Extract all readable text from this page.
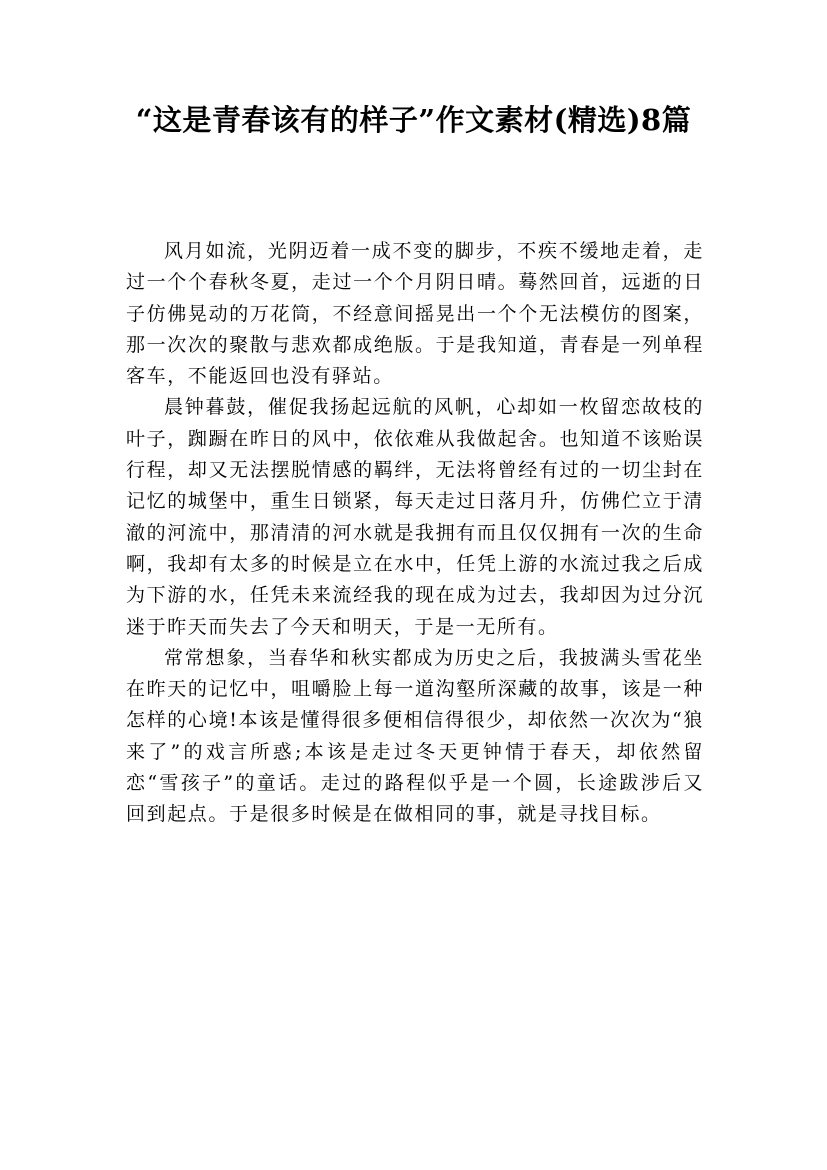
“这是青春该有的样子”作文素材(精选)8篇

风月如流，光阴迈着一成不变的脚步，不疾不缓地走着，走过一个个春秋冬夏，走过一个个月阴日晴。蓦然回首，远逝的日子仿佛晃动的万花筒，不经意间摇晃出一个个无法模仿的图案，那一次次的聚散与悲欢都成绝版。于是我知道，青春是一列单程客车，不能返回也没有驿站。

晨钟暮鼓，催促我扬起远航的风帆，心却如一枚留恋故枝的叶子，踟蹰在昨日的风中，依依难从我做起舍。也知道不该贻误行程，却又无法摆脱情感的羁绊，无法将曾经有过的一切尘封在记忆的城堡中，重生日锁紧，每天走过日落月升，仿佛伫立于清澈的河流中，那清清的河水就是我拥有而且仅仅拥有一次的生命啊，我却有太多的时候是立在水中，任凭上游的水流过我之后成为下游的水，任凭未来流经我的现在成为过去，我却因为过分沉迷于昨天而失去了今天和明天，于是一无所有。

常常想象，当春华和秋实都成为历史之后，我披满头雪花坐在昨天的记忆中，咀嚼脸上每一道沟壑所深藏的故事，该是一种怎样的心境!本该是懂得很多便相信得很少，却依然一次次为“狼来了”的戏言所惑;本该是走过冬天更钟情于春天，却依然留恋“雪孩子”的童话。走过的路程似乎是一个圆，长途跋涉后又回到起点。于是很多时候是在做相同的事，就是寻找目标。
